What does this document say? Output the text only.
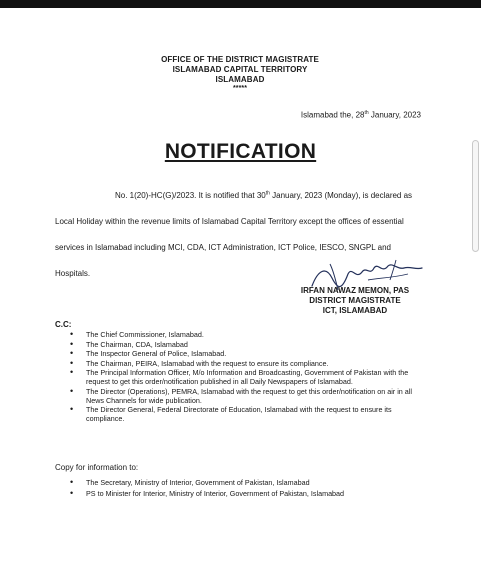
OFFICE OF THE DISTRICT MAGISTRATE
ISLAMABAD CAPITAL TERRITORY
ISLAMABAD
*****
Islamabad the, 28th January, 2023
NOTIFICATION
No. 1(20)-HC(G)/2023. It is notified that 30th January, 2023 (Monday), is declared as Local Holiday within the revenue limits of Islamabad Capital Territory except the offices of essential services in Islamabad including MCI, CDA, ICT Administration, ICT Police, IESCO, SNGPL and Hospitals.
IRFAN NAWAZ MEMON, PAS
DISTRICT MAGISTRATE
ICT, ISLAMABAD
C.C:
• The Chief Commissioner, Islamabad.
• The Chairman, CDA, Islamabad
• The Inspector General of Police, Islamabad.
• The Chairman, PEIRA, Islamabad with the request to ensure its compliance.
• The Principal Information Officer, M/o Information and Broadcasting, Government of Pakistan with the request to get this order/notification published in all Daily Newspapers of Islamabad.
• The Director (Operations), PEMRA, Islamabad with the request to get this order/notification on air in all News Channels for wide publication.
• The Director General, Federal Directorate of Education, Islamabad with the request to ensure its compliance.
Copy for information to:
• The Secretary, Ministry of Interior, Government of Pakistan, Islamabad
• PS to Minister for Interior, Ministry of Interior, Government of Pakistan, Islamabad
